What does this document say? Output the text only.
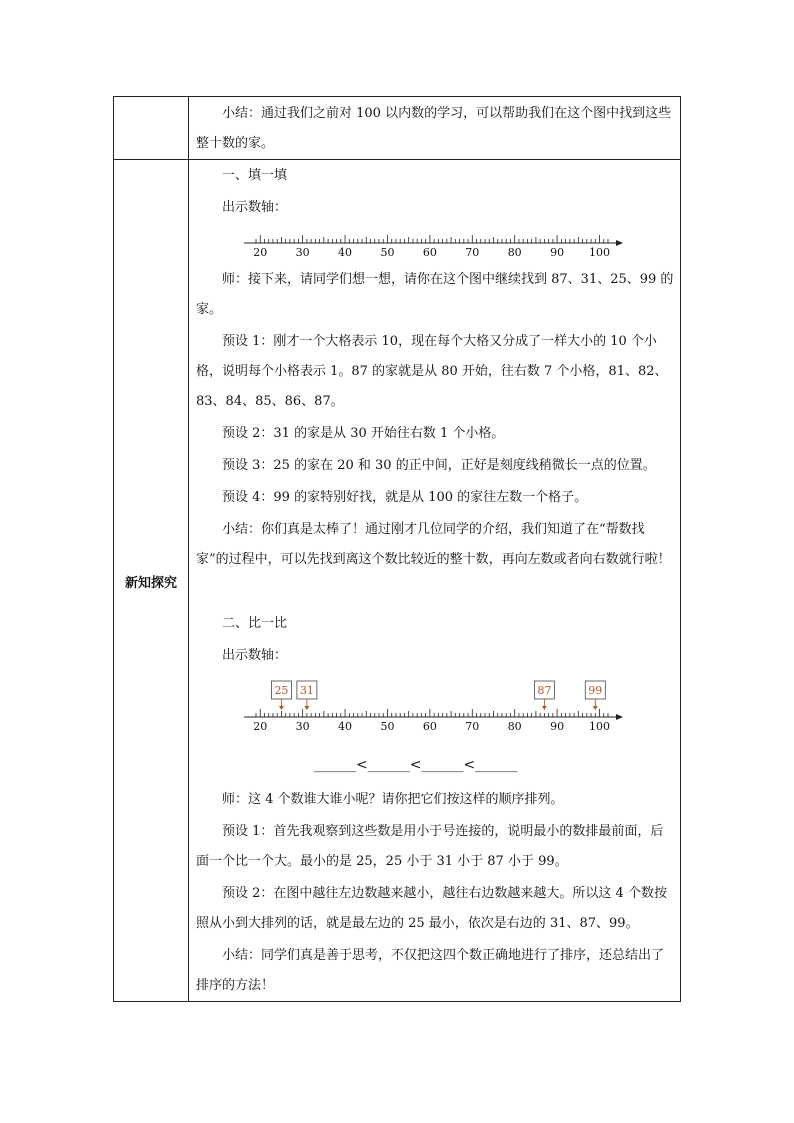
小结：通过我们之前对 100 以内数的学习，可以帮助我们在这个图中找到这些整十数的家。

新知探究

一、填一填

出示数轴：

20	30	40	50	60	70	80	90 100

师：接下来，请同学们想一想，请你在这个图中继续找到 87、31、25、99 的家。

预设 1：刚才一个大格表示 10，现在每个大格又分成了一样大小的 10 个小格，说明每个小格表示 1。87 的家就是从 80 开始，往右数 7 个小格，81、82、83、84、85、86、87。

预设 2：31 的家是从 30 开始往右数 1 个小格。

预设 3：25 的家在 20 和 30 的正中间，正好是刻度线稍微长一点的位置。

预设 4：99 的家特别好找，就是从 100 的家往左数一个格子。

小结：你们真是太棒了！通过刚才几位同学的介绍，我们知道了在“帮数找家”的过程中，可以先找到离这个数比较近的整十数，再向左数或者向右数就行啦！

二、比一比

出示数轴：

20	30	40	50	60	70	80	90 100
25 31	87	99
______<______<______<______

师：这 4 个数谁大谁小呢？请你把它们按这样的顺序排列。

预设 1：首先我观察到这些数是用小于号连接的，说明最小的数排最前面，后面一个比一个大。最小的是 25，25 小于 31 小于 87 小于 99。

预设 2：在图中越往左边数越来越小，越往右边数越来越大。所以这 4 个数按照从小到大排列的话，就是最左边的 25 最小，依次是右边的 31、87、99。

小结：同学们真是善于思考，不仅把这四个数正确地进行了排序，还总结出了排序的方法！
